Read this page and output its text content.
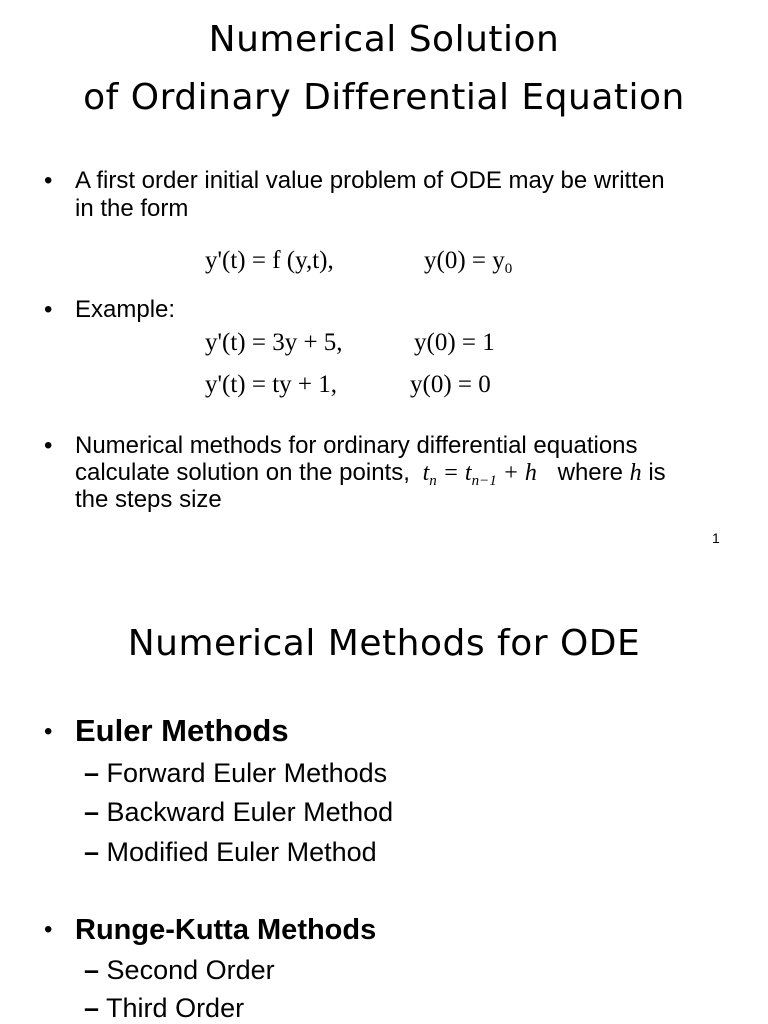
Numerical Solution
of Ordinary Differential Equation
• A first order initial value problem of ODE may be written
in the form
y'(t) = f (y,t),	$y(0) = y_0$
• Example:
y'(t) = 3y + 5,	y(0) = 1
y'(t) = ty + 1,	y(0) = 0
• Numerical methods for ordinary differential equations
calculate solution on the points, $t_n = t_{n-1} + h$ where h is
the steps size
1
Numerical Methods for ODE
• Euler Methods
– Forward Euler Methods
– Backward Euler Method
– Modified Euler Method
• Runge-Kutta Methods
– Second Order
– Third Order
